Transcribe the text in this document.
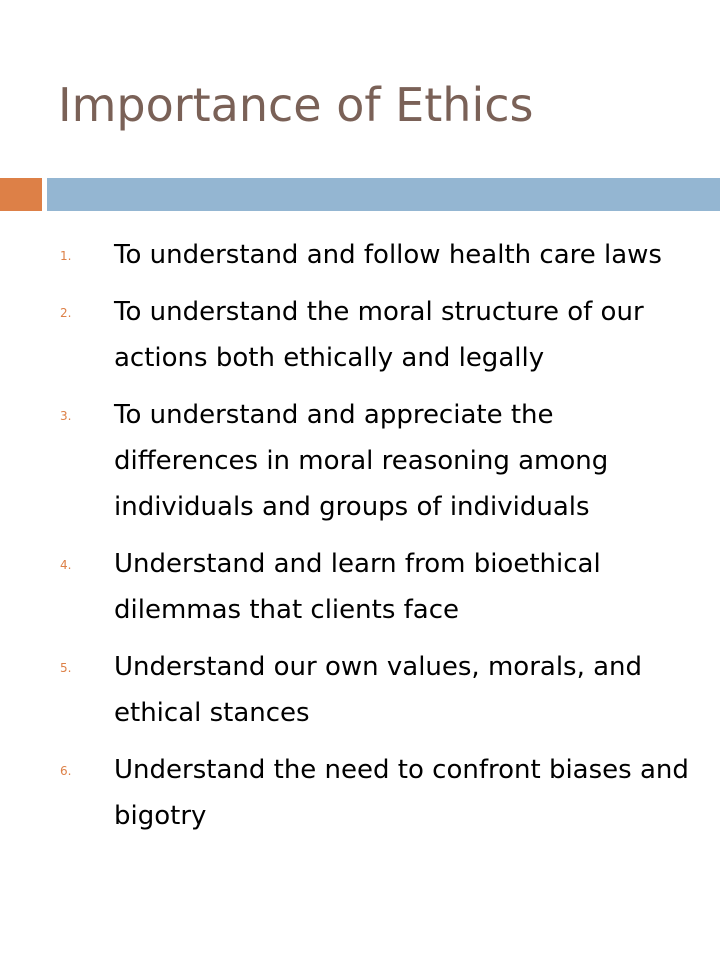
Importance of Ethics
1. To understand and follow health care laws
2. To understand the moral structure of our actions both ethically and legally
3. To understand and appreciate the differences in moral reasoning among individuals and groups of individuals
4. Understand and learn from bioethical dilemmas that clients face
5. Understand our own values, morals, and ethical stances
6. Understand the need to confront biases and bigotry
